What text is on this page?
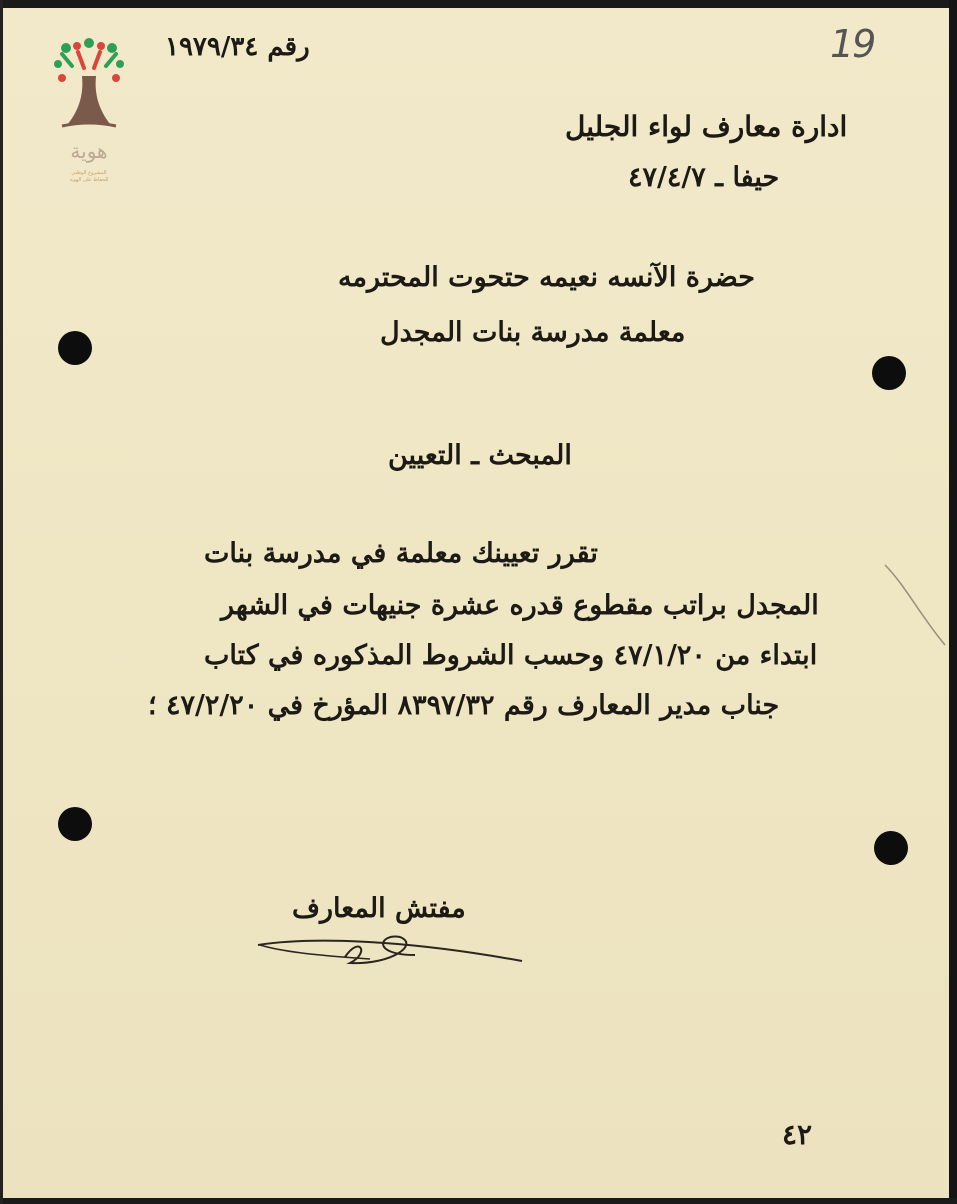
هوية
المشروع الوطني
للحفاظ على الهوية
19
رقم ١٩٧٩/٣٤
ادارة معارف لواء الجليل
حيفا ـ ٤٧/٤/٧
حضرة الآنسه نعيمه حتحوت المحترمه
معلمة مدرسة بنات المجدل
المبحث ـ التعيين
تقرر تعيينك معلمة في مدرسة بنات
المجدل براتب مقطوع قدره عشرة جنيهات في الشهر
ابتداء من ٤٧/١/٢٠ وحسب الشروط المذكوره في كتاب
جناب مدير المعارف رقم ٨٣٩٧/٣٢ المؤرخ في ٤٧/٢/٢٠ ؛
مفتش المعارف
٤٢
